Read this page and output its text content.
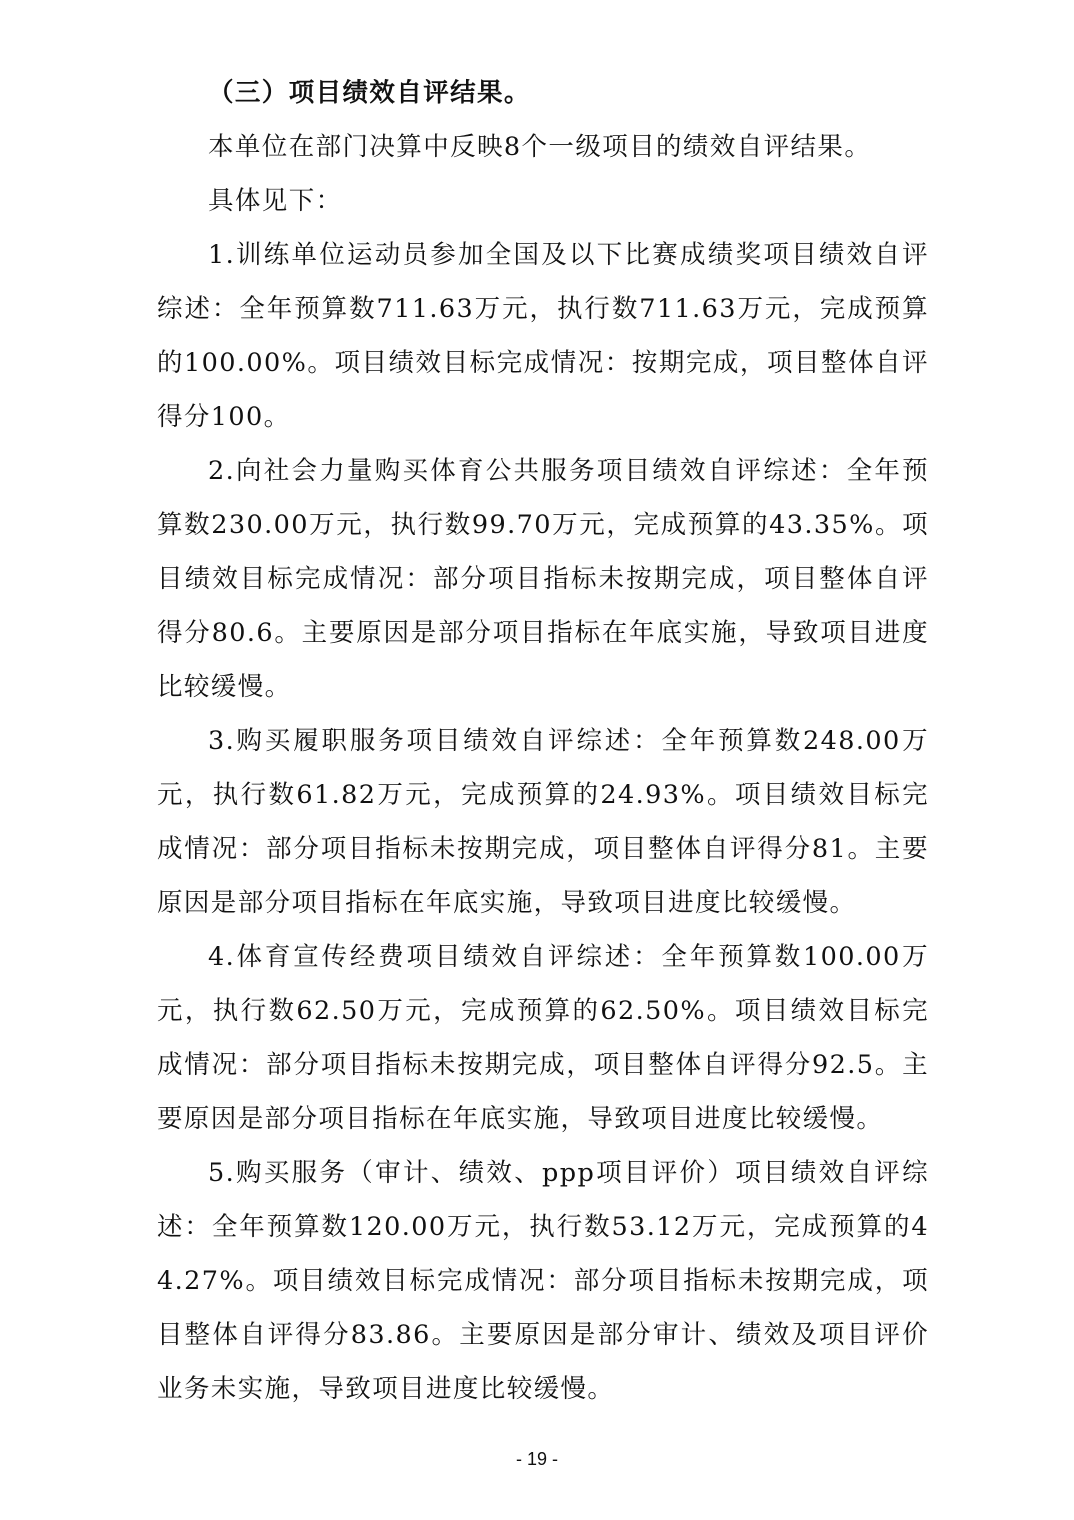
（三）项目绩效自评结果。

本单位在部门决算中反映8个一级项目的绩效自评结果。

具体见下：

1.训练单位运动员参加全国及以下比赛成绩奖项目绩效自评综述：全年预算数711.63万元，执行数711.63万元，完成预算的100.00%。项目绩效目标完成情况：按期完成，项目整体自评得分100。

2.向社会力量购买体育公共服务项目绩效自评综述：全年预算数230.00万元，执行数99.70万元，完成预算的43.35%。项目绩效目标完成情况：部分项目指标未按期完成，项目整体自评得分80.6。主要原因是部分项目指标在年底实施，导致项目进度比较缓慢。

3.购买履职服务项目绩效自评综述：全年预算数248.00万元，执行数61.82万元，完成预算的24.93%。项目绩效目标完成情况：部分项目指标未按期完成，项目整体自评得分81。主要原因是部分项目指标在年底实施，导致项目进度比较缓慢。

4.体育宣传经费项目绩效自评综述：全年预算数100.00万元，执行数62.50万元，完成预算的62.50%。项目绩效目标完成情况：部分项目指标未按期完成，项目整体自评得分92.5。主要原因是部分项目指标在年底实施，导致项目进度比较缓慢。

5.购买服务（审计、绩效、ppp项目评价）项目绩效自评综述：全年预算数120.00万元，执行数53.12万元，完成预算的44.27%。项目绩效目标完成情况：部分项目指标未按期完成，项目整体自评得分83.86。主要原因是部分审计、绩效及项目评价业务未实施，导致项目进度比较缓慢。

- 19 -
